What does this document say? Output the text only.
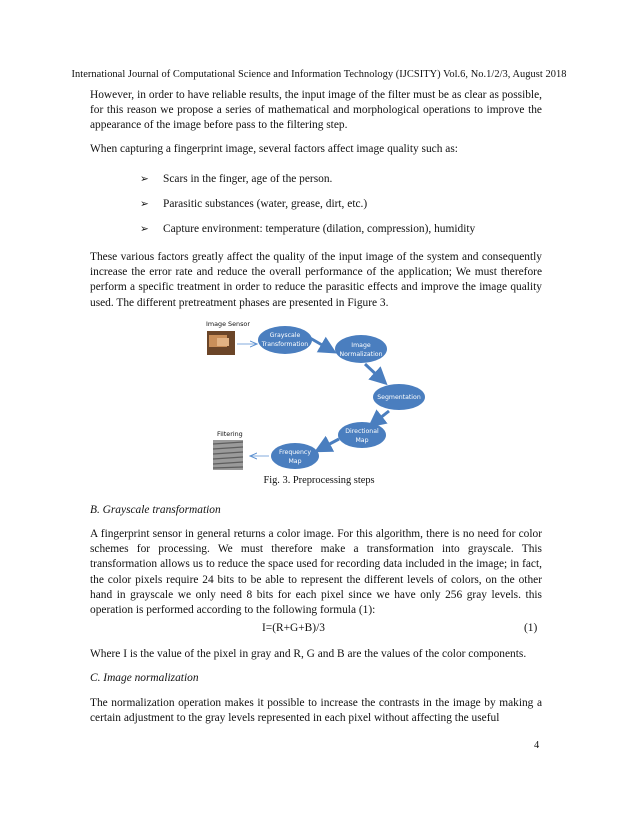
International Journal of Computational Science and Information Technology (IJCSITY) Vol.6, No.1/2/3, August 2018

However, in order to have reliable results, the input image of the filter must be as clear as possible, for this reason we propose a series of mathematical and morphological operations to improve the appearance of the image before pass to the filtering step.

When capturing a fingerprint image, several factors affect image quality such as:

➢ Scars in the finger, age of the person.
➢ Parasitic substances (water, grease, dirt, etc.)
➢ Capture environment: temperature (dilation, compression), humidity

These various factors greatly affect the quality of the input image of the system and consequently increase the error rate and reduce the overall performance of the application; We must therefore perform a specific treatment in order to reduce the parasitic effects and improve the image quality used. The different pretreatment phases are presented in Figure 3.

Image Sensor
Grayscale
Transformation	Image
Normalization
Segmentation
Directional
Map
Frequency
Map
Filtering
Fig. 3. Preprocessing steps
B. Grayscale transformation

A fingerprint sensor in general returns a color image. For this algorithm, there is no need for color schemes for processing. We must therefore make a transformation into grayscale. This transformation allows us to reduce the space used for recording data included in the image; in fact, the color pixels require 24 bits to be able to represent the different levels of colors, on the other hand in grayscale we only need 8 bits for each pixel since we have only 256 gray levels. this operation is performed according to the following formula (1):

I=(R+G+B)/3	(1)

Where I is the value of the pixel in gray and R, G and B are the values of the color components.

C. Image normalization

The normalization operation makes it possible to increase the contrasts in the image by making a certain adjustment to the gray levels represented in each pixel without affecting the useful

4
